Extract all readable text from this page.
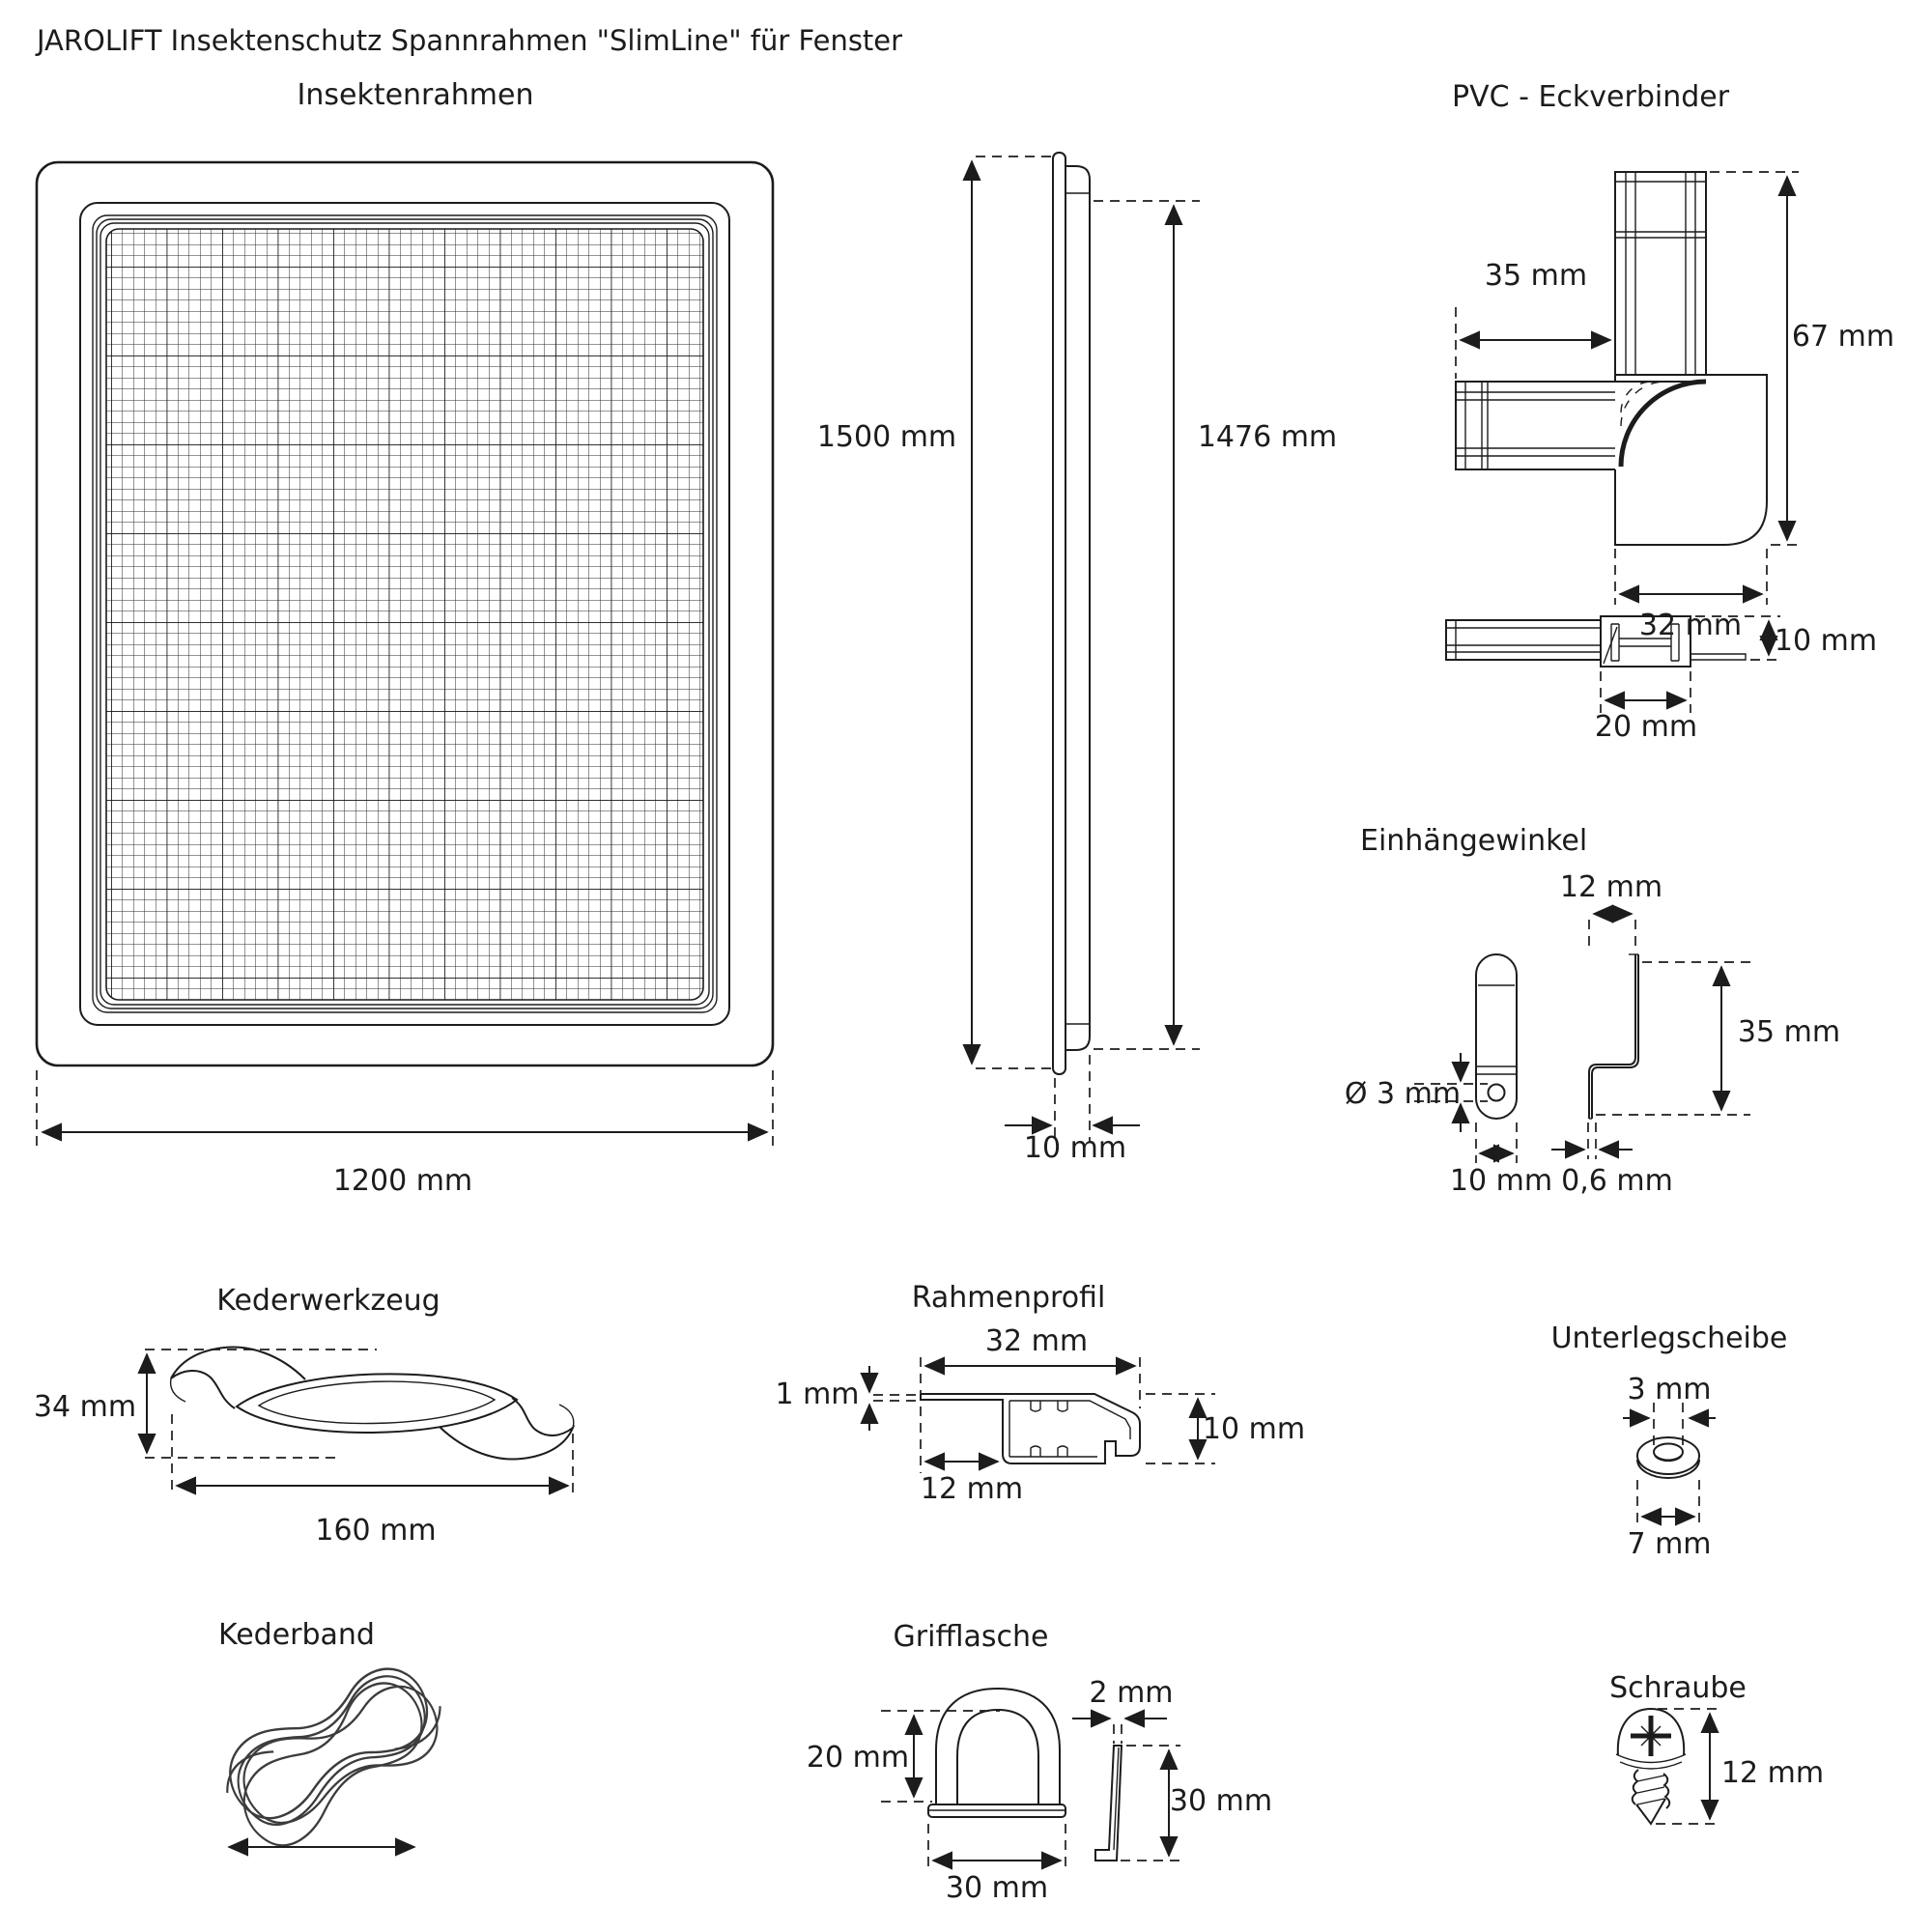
JAROLIFT Insektenschutz Spannrahmen "SlimLine" für Fenster
Insektenrahmen
1200 mm
1500 mm	1476 mm
10 mm
PVC - Eckverbinder
35 mm
67 mm
32 mm 10 mm
20 mm
Einhängewinkel
Ø 3 mm
10 mm
12 mm
35 mm
0,6 mm
Kederwerkzeug
34 mm
160 mm
Rahmenprofil
32 mm
1 mm
10 mm
12 mm
Unterlegscheibe
3 mm
7 mm
Kederband	Grifflasche
20 mm
30 mm
2 mm
30 mm
Schraube
12 mm
